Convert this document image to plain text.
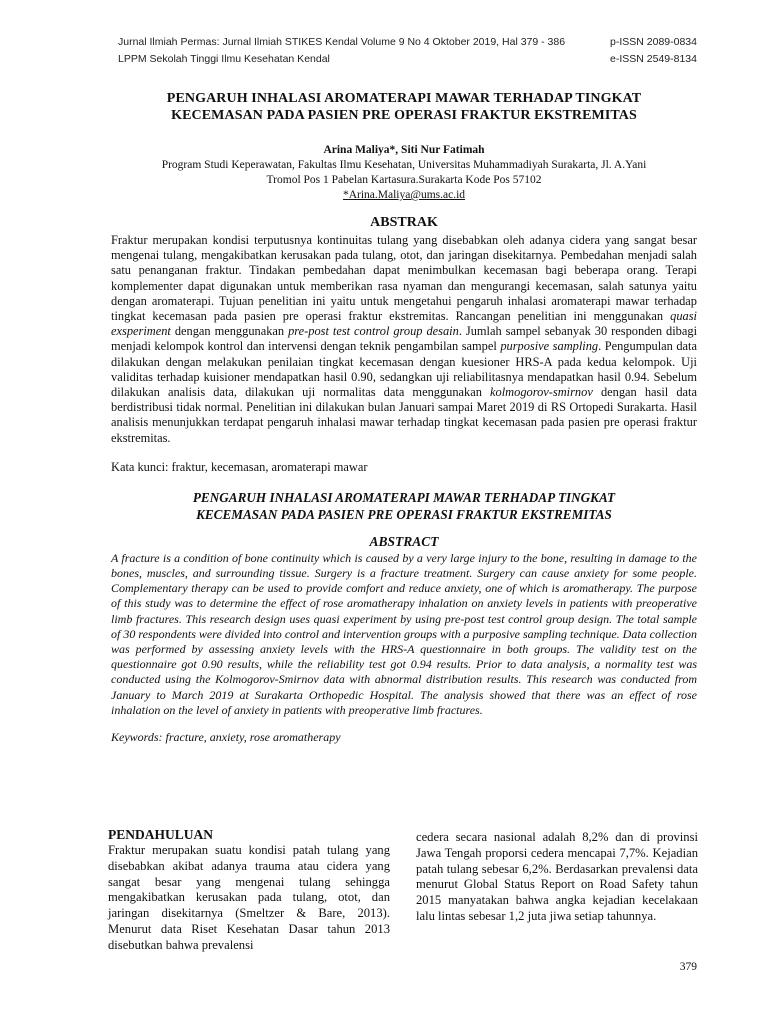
Jurnal Ilmiah Permas: Jurnal Ilmiah STIKES Kendal Volume 9 No 4 Oktober 2019, Hal 379 - 386	p-ISSN 2089-0834
LPPM Sekolah Tinggi Ilmu Kesehatan Kendal	e-ISSN 2549-8134
PENGARUH INHALASI AROMATERAPI MAWAR TERHADAP TINGKAT
KECEMASAN PADA PASIEN PRE OPERASI FRAKTUR EKSTREMITAS
Arina Maliya*, Siti Nur Fatimah
Program Studi Keperawatan, Fakultas Ilmu Kesehatan, Universitas Muhammadiyah Surakarta, Jl. A.Yani
Tromol Pos 1 Pabelan Kartasura.Surakarta Kode Pos 57102
*Arina.Maliya@ums.ac.id
ABSTRAK

Fraktur merupakan kondisi terputusnya kontinuitas tulang yang disebabkan oleh adanya cidera yang sangat besar mengenai tulang, mengakibatkan kerusakan pada tulang, otot, dan jaringan disekitarnya. Pembedahan menjadi salah satu penanganan fraktur. Tindakan pembedahan dapat menimbulkan kecemasan bagi beberapa orang. Terapi komplementer dapat digunakan untuk memberikan rasa nyaman dan mengurangi kecemasan, salah satunya yaitu dengan aromaterapi. Tujuan penelitian ini yaitu untuk mengetahui pengaruh inhalasi aromaterapi mawar terhadap tingkat kecemasan pada pasien pre operasi fraktur ekstremitas. Rancangan penelitian ini menggunakan quasi exsperiment dengan menggunakan pre-post test control group desain. Jumlah sampel sebanyak 30 responden dibagi menjadi kelompok kontrol dan intervensi dengan teknik pengambilan sampel purposive sampling. Pengumpulan data dilakukan dengan melakukan penilaian tingkat kecemasan dengan kuesioner HRS-A pada kedua kelompok. Uji validitas terhadap kuisioner mendapatkan hasil 0.90, sedangkan uji reliabilitasnya mendapatkan hasil 0.94. Sebelum dilakukan analisis data, dilakukan uji normalitas data menggunakan kolmogorov-smirnov dengan hasil data berdistribusi tidak normal. Penelitian ini dilakukan bulan Januari sampai Maret 2019 di RS Ortopedi Surakarta. Hasil analisis menunjukkan terdapat pengaruh inhalasi mawar terhadap tingkat kecemasan pada pasien pre operasi fraktur ekstremitas.

Kata kunci: fraktur, kecemasan, aromaterapi mawar
PENGARUH INHALASI AROMATERAPI MAWAR TERHADAP TINGKAT
KECEMASAN PADA PASIEN PRE OPERASI FRAKTUR EKSTREMITAS
ABSTRACT

A fracture is a condition of bone continuity which is caused by a very large injury to the bone, resulting in damage to the bones, muscles, and surrounding tissue. Surgery is a fracture treatment. Surgery can cause anxiety for some people. Complementary therapy can be used to provide comfort and reduce anxiety, one of which is aromatherapy. The purpose of this study was to determine the effect of rose aromatherapy inhalation on anxiety levels in patients with preoperative limb fractures. This research design uses quasi experiment by using pre-post test control group design. The total sample of 30 respondents were divided into control and intervention groups with a purposive sampling technique. Data collection was performed by assessing anxiety levels with the HRS-A questionnaire in both groups. The validity test on the questionnaire got 0.90 results, while the reliability test got 0.94 results. Prior to data analysis, a normality test was conducted using the Kolmogorov-Smirnov data with abnormal distribution results. This research was conducted from January to March 2019 at Surakarta Orthopedic Hospital. The analysis showed that there was an effect of rose inhalation on the level of anxiety in patients with preoperative limb fractures.

Keywords: fracture, anxiety, rose aromatherapy
PENDAHULUAN

Fraktur merupakan suatu kondisi patah tulang yang disebabkan akibat adanya trauma atau cidera yang sangat besar yang mengenai tulang sehingga mengakibatkan kerusakan pada tulang, otot, dan jaringan disekitarnya (Smeltzer & Bare, 2013). Menurut data Riset Kesehatan Dasar tahun 2013 disebutkan bahwa prevalensi

cedera secara nasional adalah 8,2% dan di provinsi Jawa Tengah proporsi cedera mencapai 7,7%. Kejadian patah tulang sebesar 6,2%. Berdasarkan prevalensi data menurut Global Status Report on Road Safety tahun 2015 manyatakan bahwa angka kejadian kecelakaan lalu lintas sebesar 1,2 juta jiwa setiap tahunnya.

379
